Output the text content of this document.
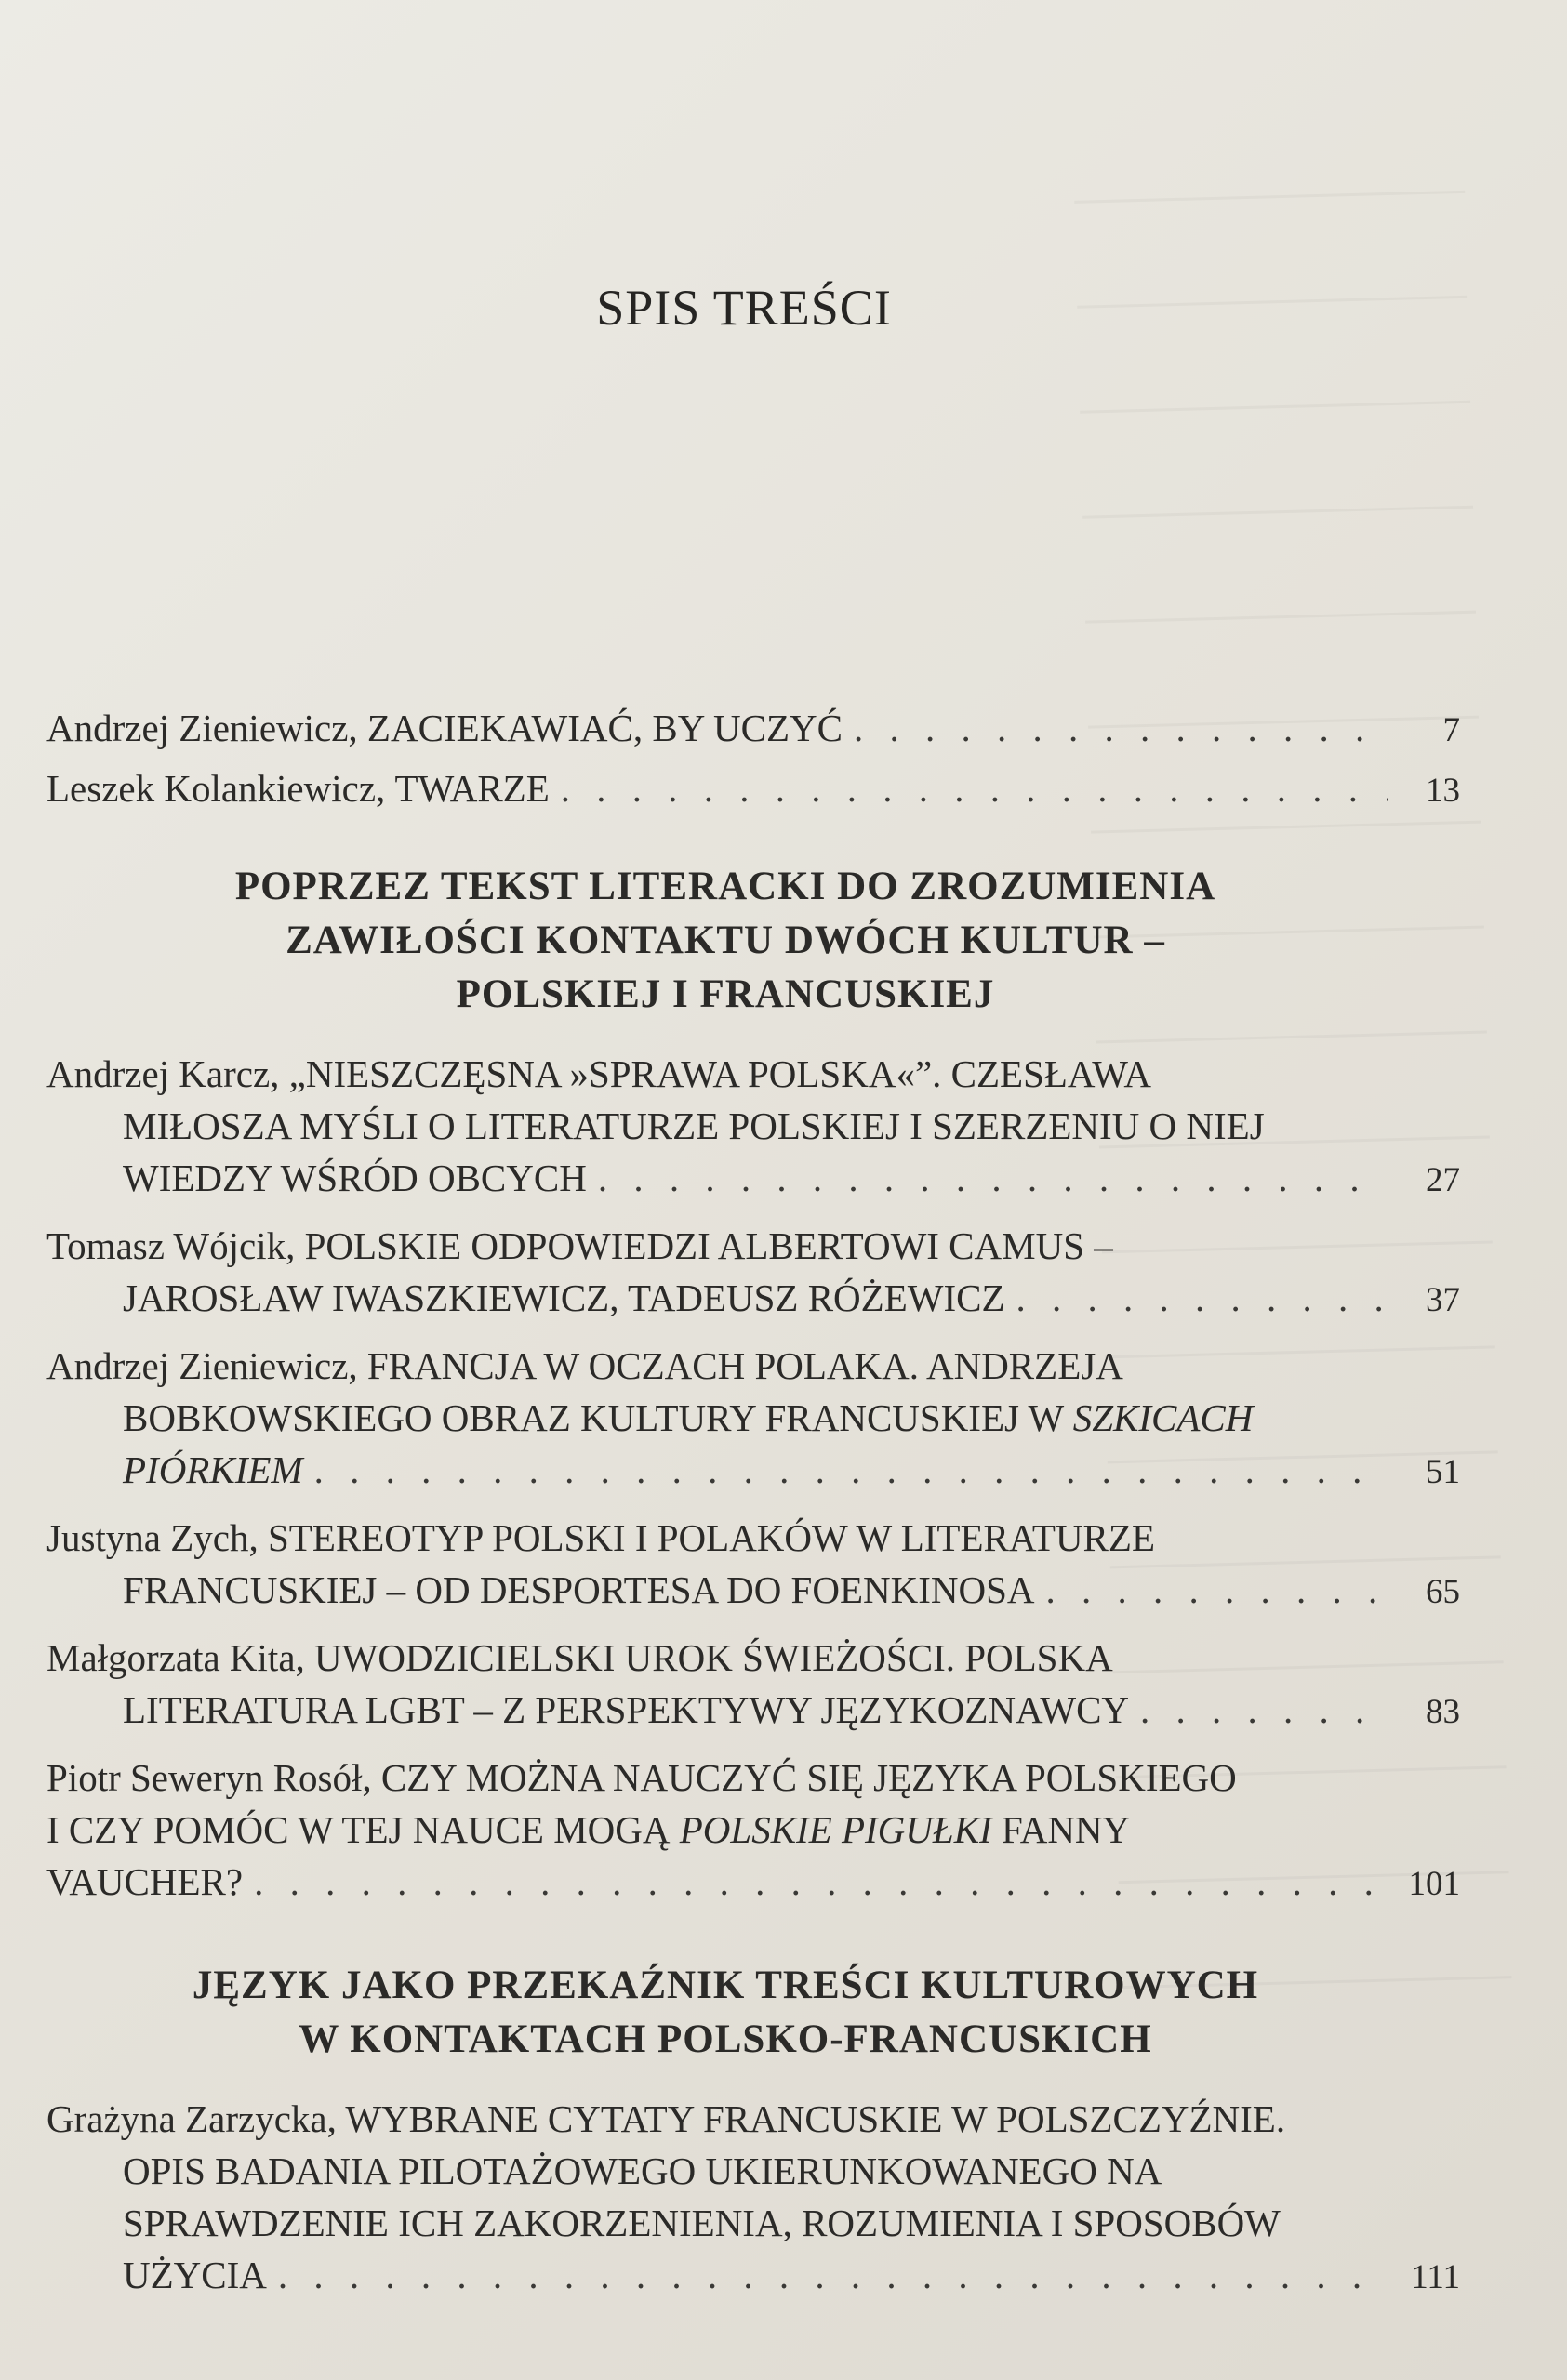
SPIS TREŚCI
Andrzej Zieniewicz,
ZACIEKAWIAĆ, BY UCZYĆ . . .	7
Leszek Kolankiewicz,
TWARZE . . .	13
POPRZEZ TEKST LITERACKI DO ZROZUMIENIA
ZAWIŁOŚCI KONTAKTU DWÓCH KULTUR –
POLSKIEJ I FRANCUSKIEJ
Andrzej Karcz, „NIESZCZĘSNA »SPRAWA POLSKA«”. CZESŁAWA
MIŁOSZA MYŚLI O LITERATURZE POLSKIEJ I SZERZENIU O NIEJ
WIEDZY WŚRÓD OBCYCH . . .	27
Tomasz Wójcik, POLSKIE ODPOWIEDZI ALBERTOWI CAMUS –
JAROSŁAW IWASZKIEWICZ, TADEUSZ RÓŻEWICZ . . .	37
Andrzej Zieniewicz, FRANCJA W OCZACH POLAKA. ANDRZEJA
BOBKOWSKIEGO OBRAZ KULTURY FRANCUSKIEJ W SZKICACH
PIÓRKIEM . . .	51
Justyna Zych, STEREOTYP POLSKI I POLAKÓW W LITERATURZE
FRANCUSKIEJ – OD DESPORTESA DO FOENKINOSA . . .	65
Małgorzata Kita, UWODZICIELSKI UROK ŚWIEŻOŚCI. POLSKA
LITERATURA LGBT – Z PERSPEKTYWY JĘZYKOZNAWCY . . .	83
Piotr Seweryn Rosół, CZY MOŻNA NAUCZYĆ SIĘ JĘZYKA POLSKIEGO
I CZY POMÓC W TEJ NAUCE MOGĄ POLSKIE PIGUŁKI FANNY
VAUCHER? . . .	101
JĘZYK JAKO PRZEKAŹNIK TREŚCI KULTUROWYCH
W KONTAKTACH POLSKO-FRANCUSKICH
Grażyna Zarzycka, WYBRANE CYTATY FRANCUSKIE W POLSZCZYŹNIE.
OPIS BADANIA PILOTAŻOWEGO UKIERUNKOWANEGO NA
SPRAWDZENIE ICH ZAKORZENIENIA, ROZUMIENIA I SPOSOBÓW
UŻYCIA . . .	111
